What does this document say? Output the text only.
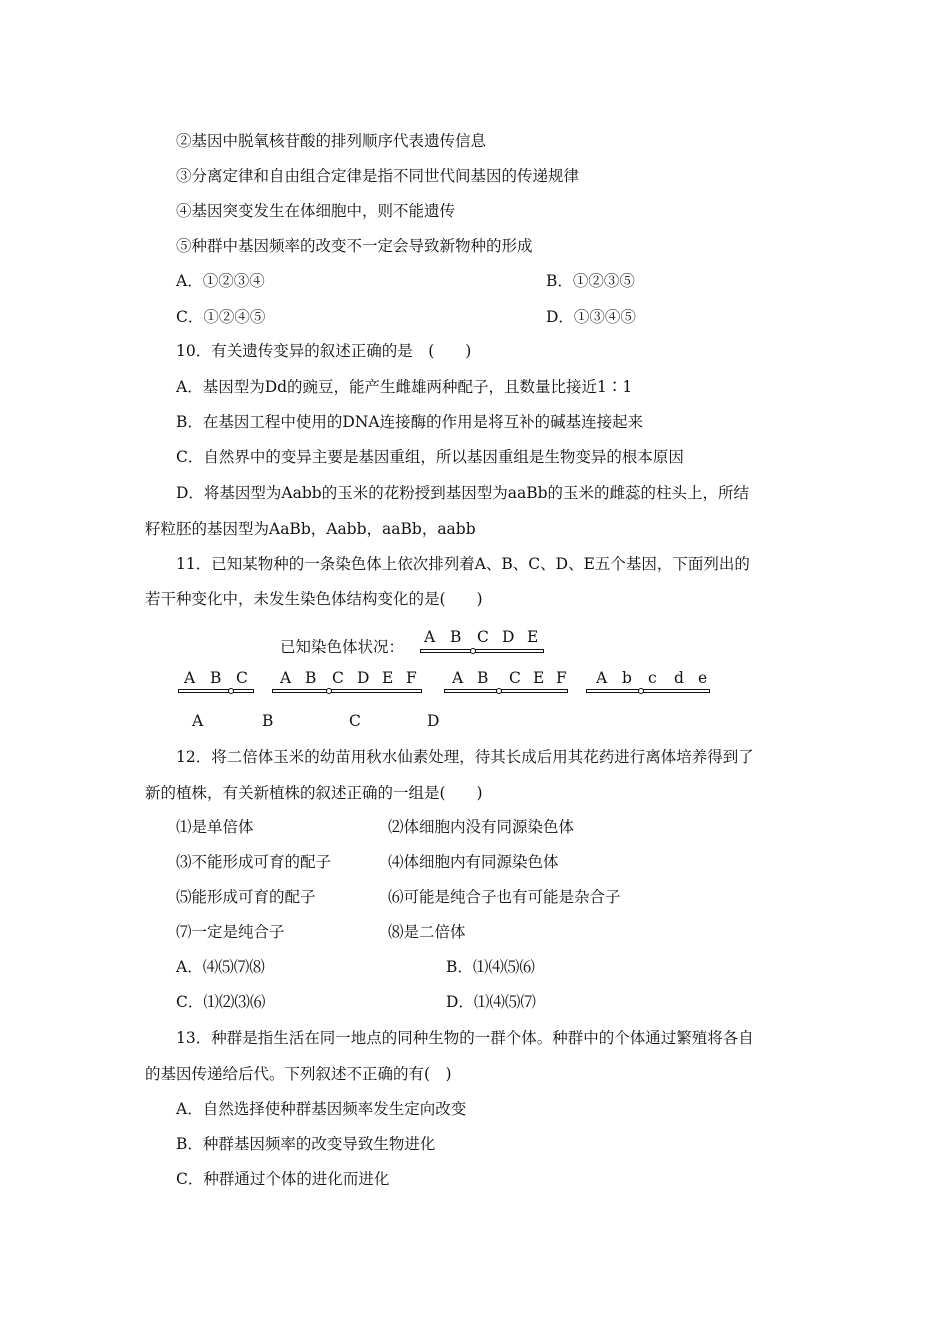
②基因中脱氧核苷酸的排列顺序代表遗传信息
③分离定律和自由组合定律是指不同世代间基因的传递规律
④基因突变发生在体细胞中，则不能遗传
⑤种群中基因频率的改变不一定会导致新物种的形成
A．①②③④	B．①②③⑤
C．①②④⑤	D．①③④⑤
10．有关遗传变异的叙述正确的是　(　　)
A．基因型为Dd的豌豆，能产生雌雄两种配子，且数量比接近1∶1
B．在基因工程中使用的DNA连接酶的作用是将互补的碱基连接起来
C．自然界中的变异主要是基因重组，所以基因重组是生物变异的根本原因
D．将基因型为Aabb的玉米的花粉授到基因型为aaBb的玉米的雌蕊的柱头上，所结
籽粒胚的基因型为AaBb，Aabb，aaBb，aabb
11．已知某物种的一条染色体上依次排列着A、B、C、D、E五个基因，下面列出的
若干种变化中，未发生染色体结构变化的是(　　)
已知染色体状况：
A B C D E
A B C A B C D E F A B C E F A b c d e
A	B	C	D
12．将二倍体玉米的幼苗用秋水仙素处理，待其长成后用其花药进行离体培养得到了
新的植株，有关新植株的叙述正确的一组是(　　)
⑴是单倍体	⑵体细胞内没有同源染色体
⑶不能形成可育的配子	⑷体细胞内有同源染色体
⑸能形成可育的配子	⑹可能是纯合子也有可能是杂合子
⑺一定是纯合子	⑻是二倍体
A．⑷⑸⑺⑻	B．⑴⑷⑸⑹
C．⑴⑵⑶⑹	D．⑴⑷⑸⑺
13．种群是指生活在同一地点的同种生物的一群个体。种群中的个体通过繁殖将各自
的基因传递给后代。下列叙述不正确的有(　)
A．自然选择使种群基因频率发生定向改变
B．种群基因频率的改变导致生物进化
C．种群通过个体的进化而进化
